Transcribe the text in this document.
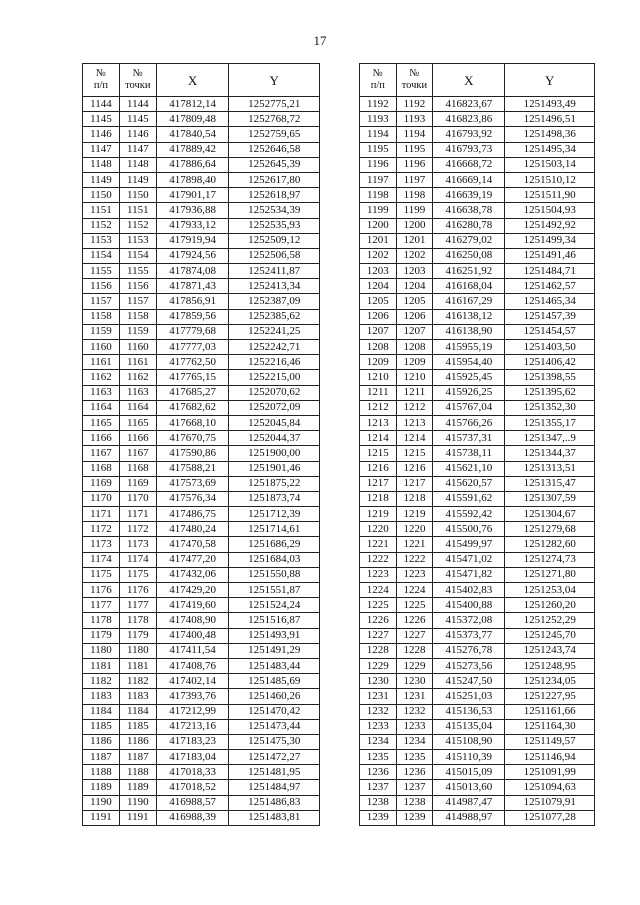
17
№
п/п	№
точки	X	Y
1144	1144	417812,14	1252775,21
1145	1145	417809,48	1252768,72
1146	1146	417840,54	1252759,65
1147	1147	417889,42	1252646,58
1148	1148	417886,64	1252645,39
1149	1149	417898,40	1252617,80
1150	1150	417901,17	1252618,97
1151	1151	417936,88	1252534,39
1152	1152	417933,12	1252535,93
1153	1153	417919,94	1252509,12
1154	1154	417924,56	1252506,58
1155	1155	417874,08	1252411,87
1156	1156	417871,43	1252413,34
1157	1157	417856,91	1252387,09
1158	1158	417859,56	1252385,62
1159	1159	417779,68	1252241,25
1160	1160	417777,03	1252242,71
1161	1161	417762,50	1252216,46
1162	1162	417765,15	1252215,00
1163	1163	417685,27	1252070,62
1164	1164	417682,62	1252072,09
1165	1165	417668,10	1252045,84
1166	1166	417670,75	1252044,37
1167	1167	417590,86	1251900,00
1168	1168	417588,21	1251901,46
1169	1169	417573,69	1251875,22
1170	1170	417576,34	1251873,74
1171	1171	417486,75	1251712,39
1172	1172	417480,24	1251714,61
1173	1173	417470,58	1251686,29
1174	1174	417477,20	1251684,03
1175	1175	417432,06	1251550,88
1176	1176	417429,20	1251551,87
1177	1177	417419,60	1251524,24
1178	1178	417408,90	1251516,87
1179	1179	417400,48	1251493,91
1180	1180	417411,54	1251491,29
1181	1181	417408,76	1251483,44
1182	1182	417402,14	1251485,69
1183	1183	417393,76	1251460,26
1184	1184	417212,99	1251470,42
1185	1185	417213,16	1251473,44
1186	1186	417183,23	1251475,30
1187	1187	417183,04	1251472,27
1188	1188	417018,33	1251481,95
1189	1189	417018,52	1251484,97
1190	1190	416988,57	1251486,83
1191	1191	416988,39	1251483,81
№
п/п	№
точки	X	Y
1192	1192	416823,67	1251493,49
1193	1193	416823,86	1251496,51
1194	1194	416793,92	1251498,36
1195	1195	416793,73	1251495,34
1196	1196	416668,72	1251503,14
1197	1197	416669,14	1251510,12
1198	1198	416639,19	1251511,90
1199	1199	416638,78	1251504,93
1200	1200	416280,78	1251492,92
1201	1201	416279,02	1251499,34
1202	1202	416250,08	1251491,46
1203	1203	416251,92	1251484,71
1204	1204	416168,04	1251462,57
1205	1205	416167,29	1251465,34
1206	1206	416138,12	1251457,39
1207	1207	416138,90	1251454,57
1208	1208	415955,19	1251403,50
1209	1209	415954,40	1251406,42
1210	1210	415925,45	1251398,55
1211	1211	415926,25	1251395,62
1212	1212	415767,04	1251352,30
1213	1213	415766,26	1251355,17
1214	1214	415737,31	1251347,..9
1215	1215	415738,11	1251344,37
1216	1216	415621,10	1251313,51
1217	1217	415620,57	1251315,47
1218	1218	415591,62	1251307,59
1219	1219	415592,42	1251304,67
1220	1220	415500,76	1251279,68
1221	1221	415499,97	1251282,60
1222	1222	415471,02	1251274,73
1223	1223	415471,82	1251271,80
1224	1224	415402,83	1251253,04
1225	1225	415400,88	1251260,20
1226	1226	415372,08	1251252,29
1227	1227	415373,77	1251245,70
1228	1228	415276,78	1251243,74
1229	1229	415273,56	1251248,95
1230	1230	415247,50	1251234,05
1231	1231	415251,03	1251227,95
1232	1232	415136,53	1251161,66
1233	1233	415135,04	1251164,30
1234	1234	415108,90	1251149,57
1235	1235	415110,39	1251146,94
1236	1236	415015,09	1251091,99
1237	1237	415013,60	1251094,63
1238	1238	414987,47	1251079,91
1239	1239	414988,97	1251077,28
